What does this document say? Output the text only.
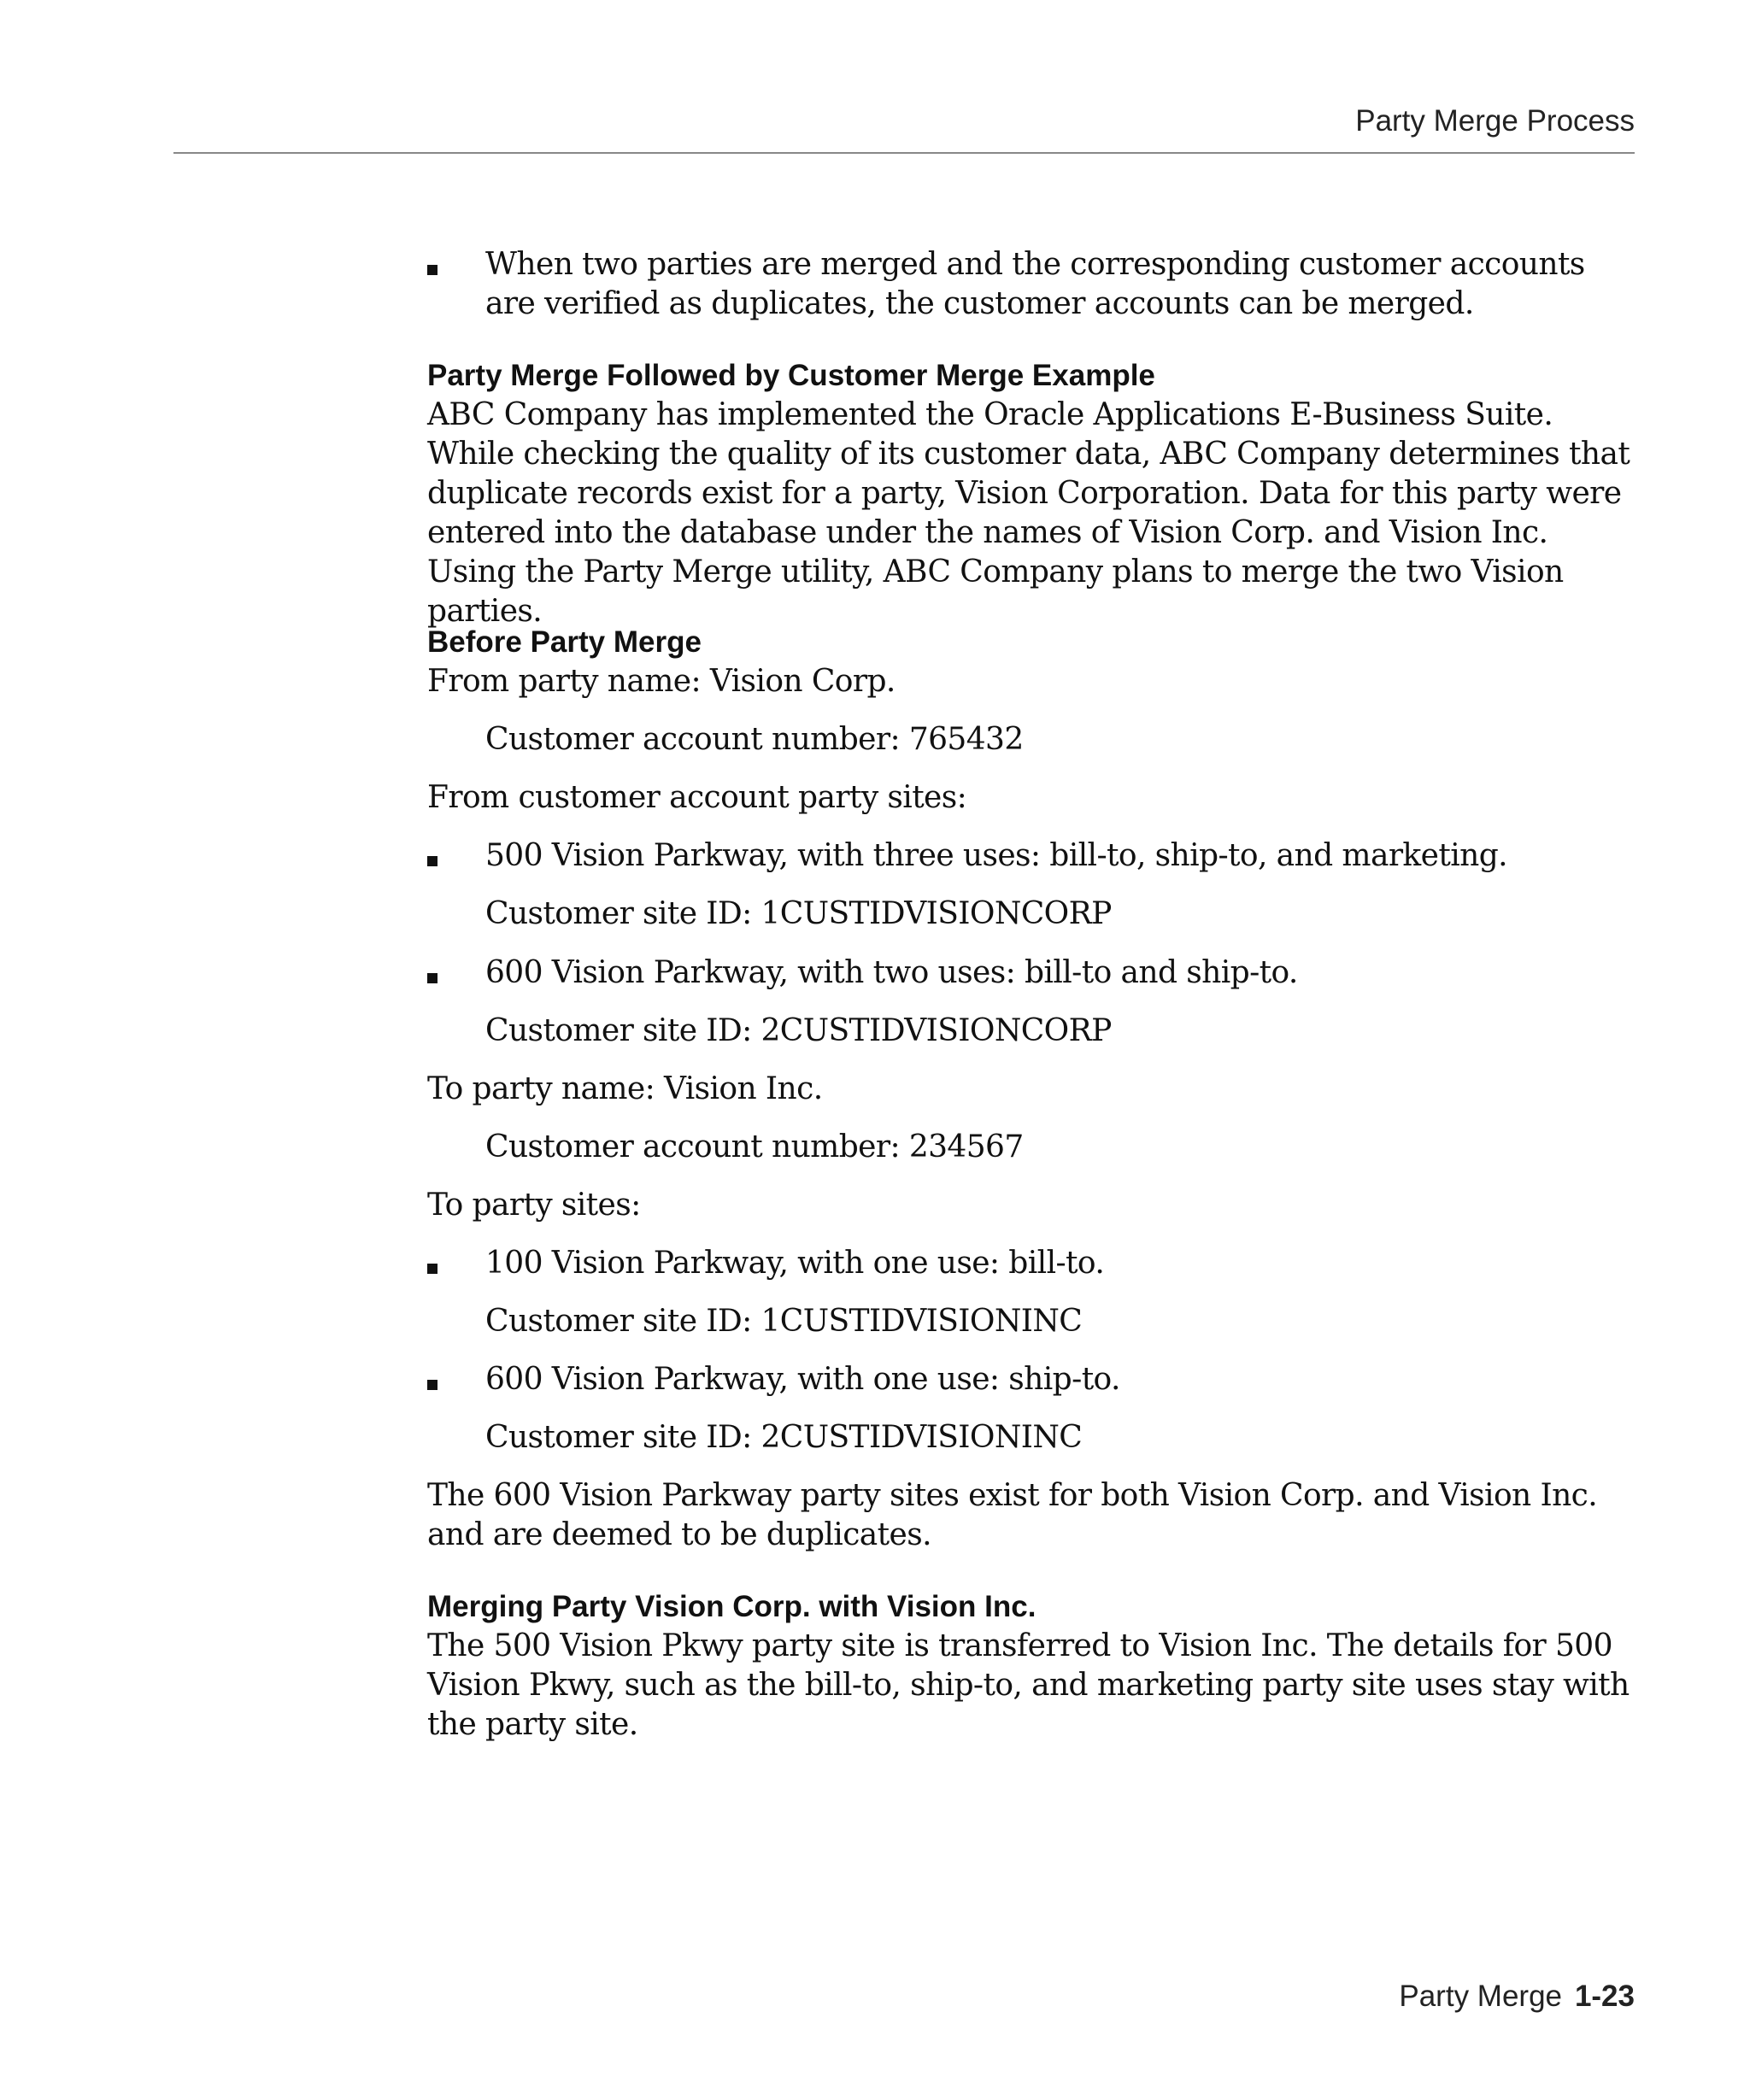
Party Merge Process

When two parties are merged and the corresponding customer accounts are verified as duplicates, the customer accounts can be merged.

Party Merge Followed by Customer Merge Example

ABC Company has implemented the Oracle Applications E-Business Suite. While checking the quality of its customer data, ABC Company determines that duplicate records exist for a party, Vision Corporation. Data for this party were entered into the database under the names of Vision Corp. and Vision Inc. Using the Party Merge utility, ABC Company plans to merge the two Vision parties.

Before Party Merge
From party name: Vision Corp.
Customer account number: 765432
From customer account party sites:
500 Vision Parkway, with three uses: bill-to, ship-to, and marketing.
Customer site ID: 1CUSTIDVISIONCORP
600 Vision Parkway, with two uses: bill-to and ship-to.
Customer site ID: 2CUSTIDVISIONCORP
To party name: Vision Inc.
Customer account number: 234567
To party sites:
100 Vision Parkway, with one use: bill-to.
Customer site ID: 1CUSTIDVISIONINC
600 Vision Parkway, with one use: ship-to.
Customer site ID: 2CUSTIDVISIONINC

The 600 Vision Parkway party sites exist for both Vision Corp. and Vision Inc. and are deemed to be duplicates.

Merging Party Vision Corp. with Vision Inc.

The 500 Vision Pkwy party site is transferred to Vision Inc. The details for 500 Vision Pkwy, such as the bill-to, ship-to, and marketing party site uses stay with the party site.

Party Merge 1-23
